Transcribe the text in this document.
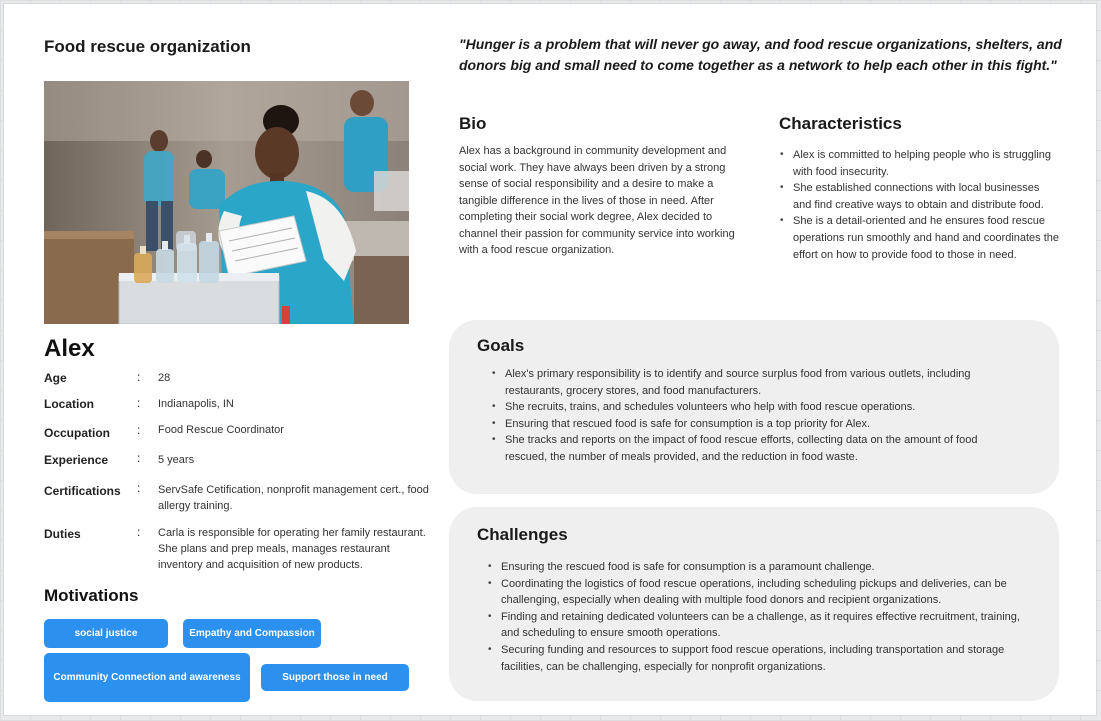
Food rescue organization
Alex
Age	: 28
Location	: Indianapolis, IN
Occupation : Food Rescue Coordinator
Experience : 5 years
Certifications : ServSafe Cetification, nonprofit management cert., food allergy training.
Duties	: Carla is responsible for operating her family restaurant. She plans and prep meals, manages restaurant inventory and acquisition of new products.
Motivations
social justice	Empathy and Compassion
Community Connection and awareness	Support those in need
"Hunger is a problem that will never go away, and food rescue organizations, shelters, and donors big and small need to come together as a network to help each other in this fight."
Bio
Alex has a background in community development and social work. They have always been driven by a strong sense of social responsibility and a desire to make a tangible difference in the lives of those in need. After completing their social work degree, Alex decided to channel their passion for community service into working with a food rescue organization.
Characteristics
• Alex is committed to helping people who is struggling with food insecurity.
• She established connections with local businesses and find creative ways to obtain and distribute food.
• She is a detail-oriented and he ensures food rescue operations run smoothly and hand and coordinates the effort on how to provide food to those in need.
Goals
• Alex's primary responsibility is to identify and source surplus food from various outlets, including restaurants, grocery stores, and food manufacturers.
• She recruits, trains, and schedules volunteers who help with food rescue operations.
• Ensuring that rescued food is safe for consumption is a top priority for Alex.
• She tracks and reports on the impact of food rescue efforts, collecting data on the amount of food rescued, the number of meals provided, and the reduction in food waste.
Challenges
• Ensuring the rescued food is safe for consumption is a paramount challenge.
• Coordinating the logistics of food rescue operations, including scheduling pickups and deliveries, can be challenging, especially when dealing with multiple food donors and recipient organizations.
• Finding and retaining dedicated volunteers can be a challenge, as it requires effective recruitment, training, and scheduling to ensure smooth operations.
• Securing funding and resources to support food rescue operations, including transportation and storage facilities, can be challenging, especially for nonprofit organizations.
